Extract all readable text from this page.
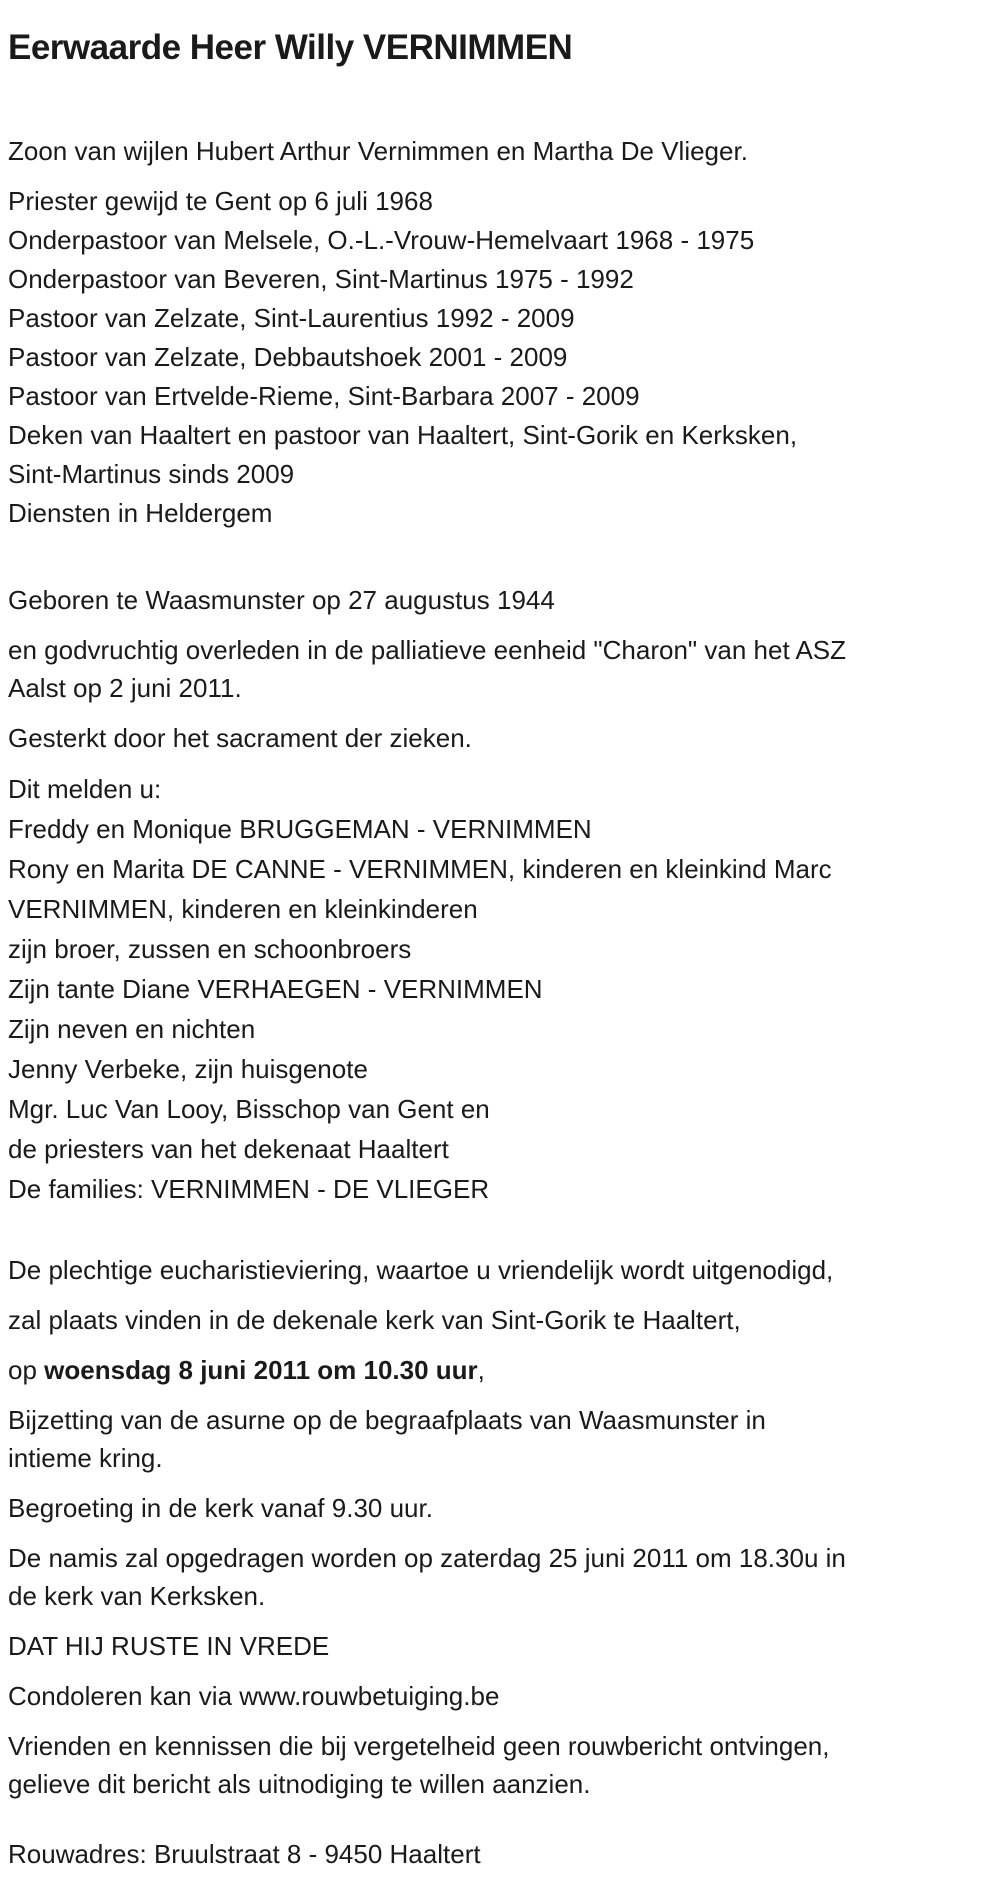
Eerwaarde Heer Willy VERNIMMEN
Zoon van wijlen Hubert Arthur Vernimmen en Martha De Vlieger.
Priester gewijd te Gent op 6 juli 1968
Onderpastoor van Melsele, O.-L.-Vrouw-Hemelvaart 1968 - 1975
Onderpastoor van Beveren, Sint-Martinus 1975 - 1992
Pastoor van Zelzate, Sint-Laurentius 1992 - 2009
Pastoor van Zelzate, Debbautshoek 2001 - 2009
Pastoor van Ertvelde-Rieme, Sint-Barbara 2007 - 2009
Deken van Haaltert en pastoor van Haaltert, Sint-Gorik en Kerksken,
Sint-Martinus sinds 2009
Diensten in Heldergem
Geboren te Waasmunster op 27 augustus 1944
en godvruchtig overleden in de palliatieve eenheid "Charon" van het ASZ
Aalst op 2 juni 2011.
Gesterkt door het sacrament der zieken.
Dit melden u:
Freddy en Monique BRUGGEMAN - VERNIMMEN
Rony en Marita DE CANNE - VERNIMMEN, kinderen en kleinkind Marc
VERNIMMEN, kinderen en kleinkinderen
zijn broer, zussen en schoonbroers
Zijn tante Diane VERHAEGEN - VERNIMMEN
Zijn neven en nichten
Jenny Verbeke, zijn huisgenote
Mgr. Luc Van Looy, Bisschop van Gent en
de priesters van het dekenaat Haaltert
De families: VERNIMMEN - DE VLIEGER
De plechtige eucharistieviering, waartoe u vriendelijk wordt uitgenodigd,
zal plaats vinden in de dekenale kerk van Sint-Gorik te Haaltert,
op woensdag 8 juni 2011 om 10.30 uur,
Bijzetting van de asurne op de begraafplaats van Waasmunster in
intieme kring.
Begroeting in de kerk vanaf 9.30 uur.
De namis zal opgedragen worden op zaterdag 25 juni 2011 om 18.30u in
de kerk van Kerksken.
DAT HIJ RUSTE IN VREDE
Condoleren kan via www.rouwbetuiging.be
Vrienden en kennissen die bij vergetelheid geen rouwbericht ontvingen,
gelieve dit bericht als uitnodiging te willen aanzien.
Rouwadres: Bruulstraat 8 - 9450 Haaltert
